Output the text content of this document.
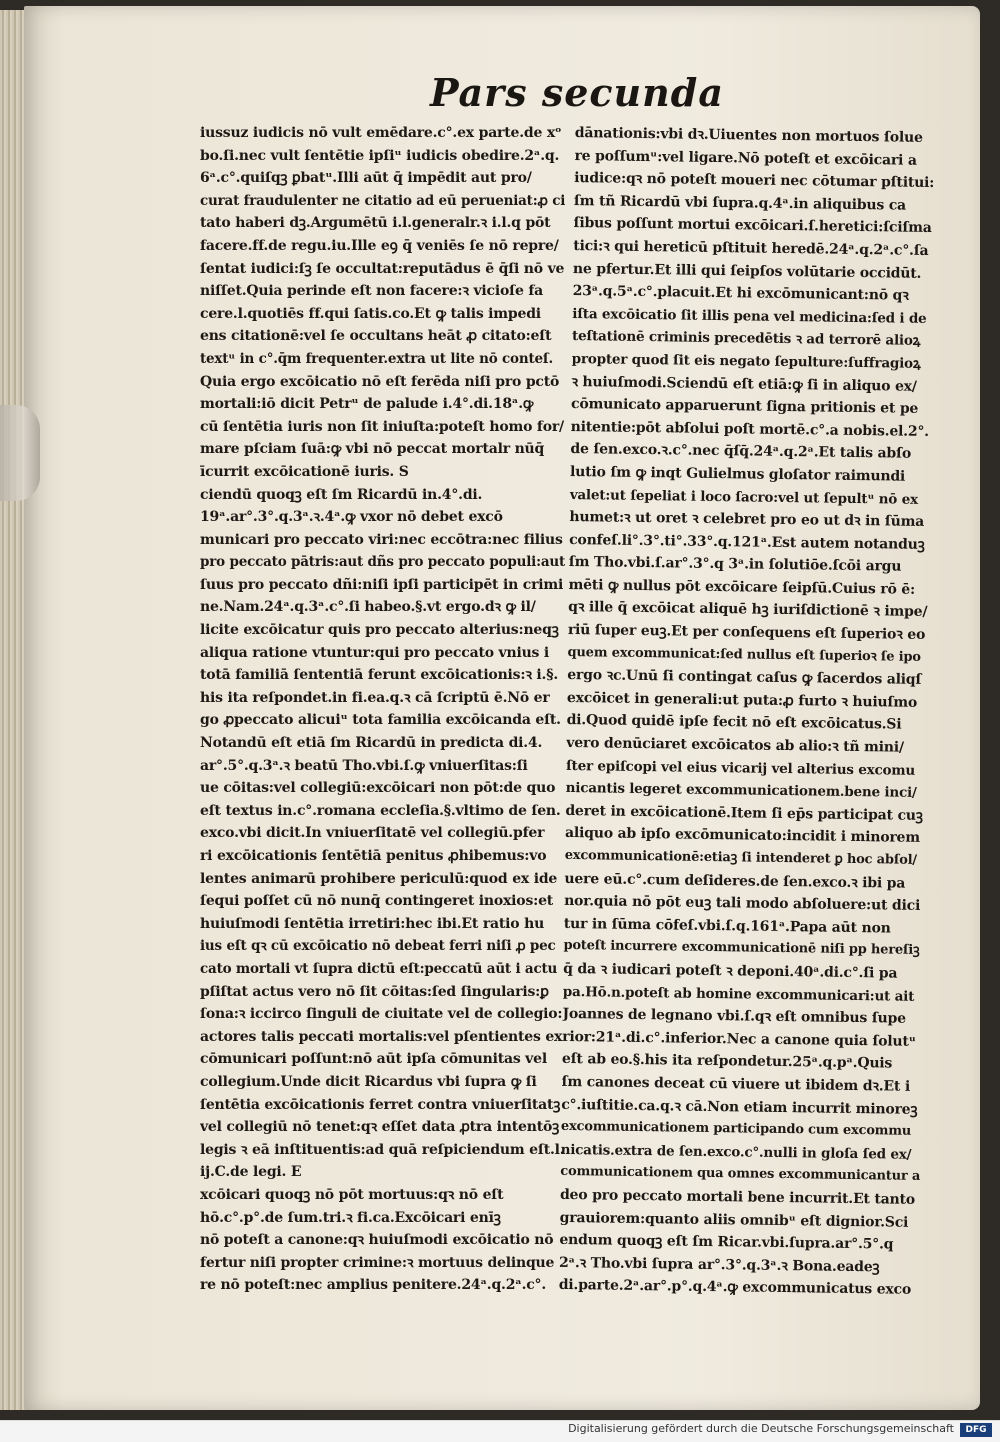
Pars secunda
iussuz iudicis nō vult emēdare.c°.ex parte.de xᵒ
bo.ſi.nec vult ſentētie ipſiᵘ iudicis obedire.2ᵃ.q.
6ᵃ.c°.quiſqꝫ ꝑbatᵘ.Illi aūt q̄ impēdit aut pro/
curat fraudulenter ne citatio ad eū perueniat:ꝓ ci
tato haberi dꝫ.Argumētū i.l.generalr.ꝛ i.l.q pōt
facere.ff.de regu.iu.Ille eꝯ q̄ veniēs ſe nō repre/
ſentat iudici:ſꝫ ſe occultat:reputādus ē q̄ſi nō ve
niſſet.Quia perinde eſt non facere:ꝛ vicioſe fa
cere.l.quotiēs ff.qui ſatis.co.Et ꝙ talis impedi
ens citationē:vel ſe occultans heāt ꝓ citato:eſt
textᵘ in c°.q̄m frequenter.extra ut lite nō conteſ.
Quia ergo excōicatio nō eſt ferēda niſi pro pctō
mortali:iō dicit Petrᵘ de palude i.4°.di.18ᵃ.ꝙ
cū ſentētia iuris non ſit iniuſta:poteſt homo for/
mare pſciam ſuā:ꝙ vbi nō peccat mortalr nūq̄
īcurrit excōicationē iuris. S
ciendū quoqꝫ eſt ſm Ricardū in.4°.di.
19ᵃ.ar°.3°.q.3ᵃ.ꝛ.4ᵃ.ꝙ vxor nō debet excō
municari pro peccato viri:nec eccōtra:nec filius
pro peccato pātris:aut dñs pro peccato populi:aut
ſuus pro peccato dñi:niſi ipſi participēt in crimi
ne.Nam.24ᵃ.q.3ᵃ.c°.ſi habeo.§.vt ergo.dꝛ ꝙ il/
licite excōicatur quis pro peccato alterius:neqꝫ
aliqua ratione vtuntur:qui pro peccato vnius i
totā familiā ſententiā ferunt excōicationis:ꝛ i.§.
his ita reſpondet.in fi.ea.q.ꝛ cā ſcriptū ē.Nō er
go ꝓpeccato alicuiᵘ tota familia excōicanda eſt.
Notandū eſt etiā ſm Ricardū in predicta di.4.
ar°.5°.q.3ᵃ.ꝛ beatū Tho.vbi.ſ.ꝙ vniuerſitas:ſi
ue cōitas:vel collegiū:excōicari non pōt:de quo
eſt textus in.c°.romana eccleſia.§.vltimo de ſen.
exco.vbi dicit.In vniuerſitatē vel collegiū.pfer
ri excōicationis ſentētiā penitus ꝓhibemus:vo
lentes animarū prohibere periculū:quod ex ide
ſequi poſſet cū nō nunq̄ contingeret inoxios:et
huiuſmodi ſentētia irretiri:hec ibi.Et ratio hu
ius eſt qꝛ cū excōicatio nō debeat ferri niſi ꝓ pec
cato mortali vt ſupra dictū eſt:peccatū aūt i actu
pſiſtat actus vero nō ſit cōitas:ſed ſingularis:ꝑ
ſona:ꝛ iccirco ſinguli de ciuitate vel de collegio:
actores talis peccati mortalis:vel pſentientes ex
cōmunicari poſſunt:nō aūt ipſa cōmunitas vel
collegium.Unde dicit Ricardus vbi ſupra ꝙ ſi
ſentētia excōicationis ferret contra vniuerſitatꝫ
vel collegiū nō tenet:qꝛ eſſet data ꝓtra intentōꝫ
legis ꝛ eā inſtituentis:ad quā reſpiciendum eſt.l.
ij.C.de legi. E
xcōicari quoqꝫ nō pōt mortuus:qꝛ nō eſt
hō.c°.p°.de ſum.tri.ꝛ fi.ca.Excōicari enīꝫ
nō poteſt a canone:qꝛ huiuſmodi excōicatio nō
fertur niſi propter crimine:ꝛ mortuus delinque
re nō poteſt:nec amplius penitere.24ᵃ.q.2ᵃ.c°.
dānationis:vbi dꝛ.Uiuentes non mortuos ſolue
re poſſumᵘ:vel ligare.Nō poteſt et excōicari a
iudice:qꝛ nō poteſt moueri nec cōtumar pſtitui:
ſm tñ Ricardū vbi ſupra.q.4ᵃ.in aliquibus ca
ſibus poſſunt mortui excōicari.ſ.heretici:ſciſma
tici:ꝛ qui hereticū pſtituit heredē.24ᵃ.q.2ᵃ.c°.ſa
ne pfertur.Et illi qui ſeipſos volūtarie occidūt.
23ᵃ.q.5ᵃ.c°.placuit.Et hi excōmunicant:nō qꝛ
iſta excōicatio ſit illis pena vel medicina:ſed i de
teſtationē criminis precedētis ꝛ ad terrorē alioꝝ
propter quod ſit eis negato ſepulture:ſuffragioꝝ
ꝛ huiuſmodi.Sciendū eſt etiā:ꝙ ſi in aliquo ex/
cōmunicato apparuerunt ſigna pritionis et pe
nitentie:pōt abſolui poſt mortē.c°.a nobis.el.2°.
de ſen.exco.ꝛ.c°.nec q̄ſq̄.24ᵃ.q.2ᵃ.Et talis abſo
lutio ſm ꝙ inqt Gulielmus gloſator raimundi
valet:ut ſepeliat i loco ſacro:vel ut ſepultᵘ nō ex
humet:ꝛ ut oret ꝛ celebret pro eo ut dꝛ in ſūma
confeſ.li°.3°.ti°.33°.q.121ᵃ.Est autem notanduꝫ
ſm Tho.vbi.ſ.ar°.3°.q 3ᵃ.in ſolutiōe.ſcōi argu
mēti ꝙ nullus pōt excōicare ſeipſū.Cuius rō ē:
qꝛ ille q̄ excōicat aliquē hꝫ iuriſdictionē ꝛ impe/
riū ſuper euꝫ.Et per conſequens eſt ſuperioꝛ eo
quem excommunicat:ſed nullus eſt ſuperioꝛ ſe ipo
ergo ꝛc.Unū ſi contingat caſus ꝙ ſacerdos aliqſ
excōicet in generali:ut puta:ꝓ furto ꝛ huiuſmo
di.Quod quidē ipſe fecit nō eſt excōicatus.Si
vero denūciaret excōicatos ab alio:ꝛ tñ mini/
ſter epiſcopi vel eius vicarij vel alterius excomu
nicantis legeret excommunicationem.bene inci/
deret in excōicationē.Item ſi ep̄s participat cuꝫ
aliquo ab ipſo excōmunicato:incidit i minorem
excommunicationē:etiaꝫ ſi intenderet ꝑ hoc abſol/
uere eū.c°.cum deſideres.de ſen.exco.ꝛ ibi pa
nor.quia nō pōt euꝫ tali modo abſoluere:ut dici
tur in ſūma cōfeſ.vbi.ſ.q.161ᵃ.Papa aūt non
poteſt incurrere excommunicationē niſi pp hereſiꝫ
q̄ da ꝛ iudicari poteſt ꝛ deponi.40ᵃ.di.c°.ſi pa
pa.Hō.n.poteſt ab homine excommunicari:ut ait
Joannes de legnano vbi.ſ.qꝛ eſt omnibus ſupe
rior:21ᵃ.di.c°.inferior.Nec a canone quia ſolutᵘ
eſt ab eo.§.his ita reſpondetur.25ᵃ.q.pᵃ.Quis
ſm canones deceat cū viuere ut ibidem dꝛ.Et i
c°.iuſtitie.ca.q.ꝛ cā.Non etiam incurrit minoreꝫ
excommunicationem participando cum excommu
nicatis.extra de ſen.exco.c°.nulli in gloſa ſed ex/
communicationem qua omnes excommunicantur a
deo pro peccato mortali bene incurrit.Et tanto
grauiorem:quanto aliis omnibᵘ eſt dignior.Sci
endum quoqꝫ eſt ſm Ricar.vbi.ſupra.ar°.5°.q
2ᵃ.ꝛ Tho.vbi ſupra ar°.3°.q.3ᵃ.ꝛ Bona.eadeꝫ
di.parte.2ᵃ.ar°.p°.q.4ᵃ.ꝙ excommunicatus exco
Digitalisierung gefördert durch die Deutsche Forschungsgemeinschaft	DFG
